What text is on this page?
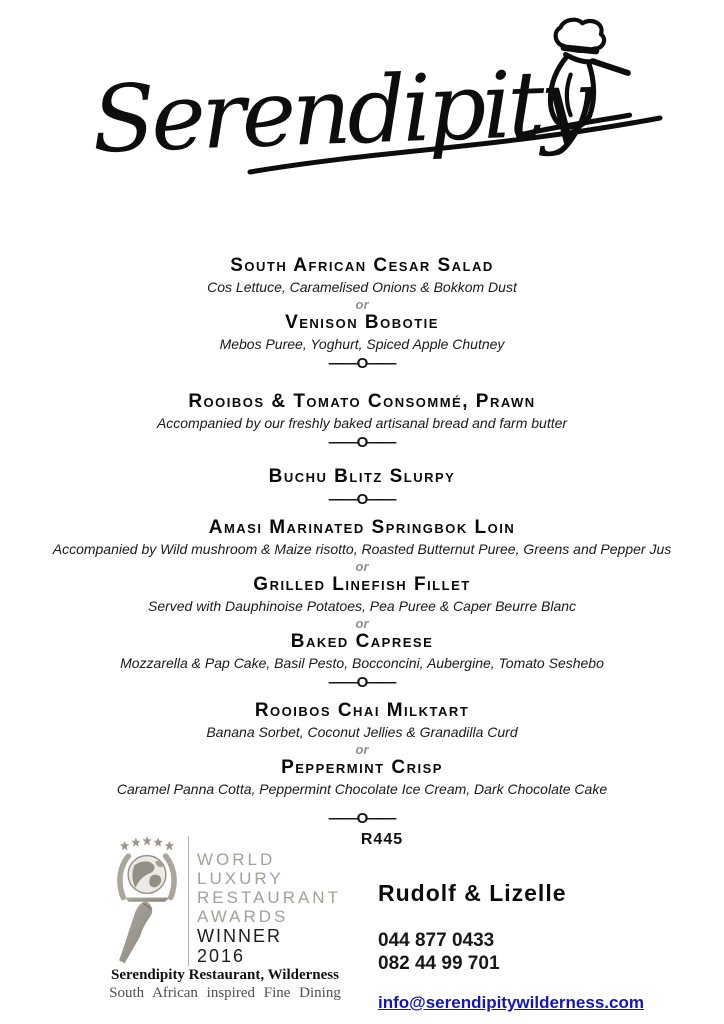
Serendipity
South African Cesar Salad
Cos Lettuce, Caramelised Onions & Bokkom Dust
or
Venison Bobotie
Mebos Puree, Yoghurt, Spiced Apple Chutney
——O——
Rooibos & Tomato Consommé, Prawn
Accompanied by our freshly baked artisanal bread and farm butter
——O——
Buchu Blitz Slurpy
——O——
Amasi Marinated Springbok Loin
Accompanied by Wild mushroom & Maize risotto, Roasted Butternut Puree, Greens and Pepper Jus
or
Grilled Linefish Fillet
Served with Dauphinoise Potatoes, Pea Puree & Caper Beurre Blanc
or
Baked Caprese
Mozzarella & Pap Cake, Basil Pesto, Bocconcini, Aubergine, Tomato Seshebo
——O——
Rooibos Chai Milktart
Banana Sorbet, Coconut Jellies & Granadilla Curd
or
Peppermint Crisp
Caramel Panna Cotta, Peppermint Chocolate Ice Cream, Dark Chocolate Cake
——O——
R445
WORLD
LUXURY
RESTAURANT
AWARDS
WINNER
2016
Serendipity Restaurant, Wilderness
South African inspired Fine Dining
Rudolf & Lizelle
044 877 0433
082 44 99 701
info@serendipitywilderness.com
